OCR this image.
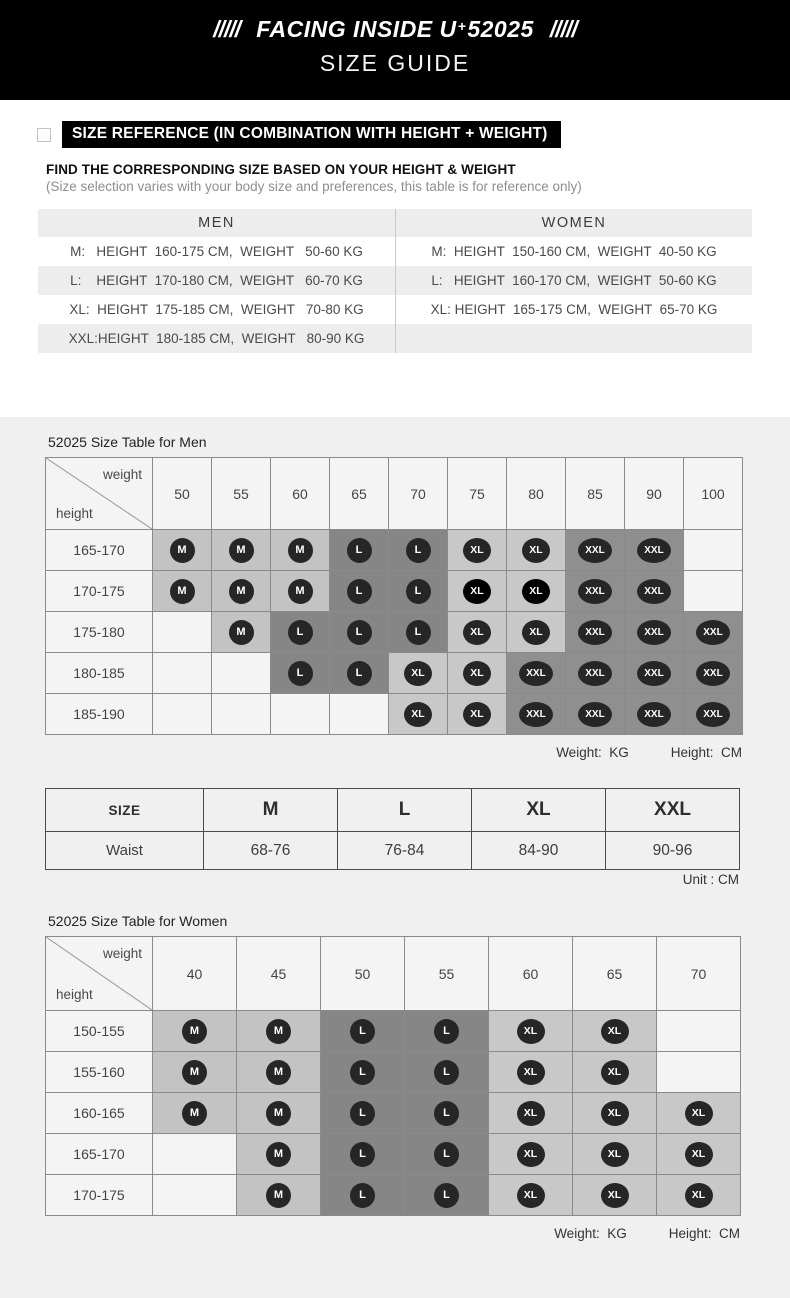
///// FACING INSIDE U+52025 /////
SIZE GUIDE
SIZE REFERENCE (IN COMBINATION WITH HEIGHT + WEIGHT)
FIND THE CORRESPONDING SIZE BASED ON YOUR HEIGHT & WEIGHT
(Size selection varies with your body size and preferences, this table is for reference only)
MEN	WOMEN
M:   HEIGHT  160-175 CM,  WEIGHT   50-60 KG	M:  HEIGHT  150-160 CM,  WEIGHT  40-50 KG
L:    HEIGHT  170-180 CM,  WEIGHT   60-70 KG	L:   HEIGHT  160-170 CM,  WEIGHT  50-60 KG
XL:  HEIGHT  175-185 CM,  WEIGHT   70-80 KG	XL: HEIGHT  165-175 CM,  WEIGHT  65-70 KG
XXL:HEIGHT  180-185 CM,  WEIGHT   80-90 KG
52025 Size Table for Men
weight
height	50	55	60	65	70	75	80	85	90	100
165-170	M	M	M	L	L	XL	XL	XXL	XXL	
170-175	M	M	M	L	L	XL	XL	XXL	XXL	
175-180		M	L	L	L	XL	XL	XXL	XXL	XXL
180-185			L	L	XL	XL	XXL	XXL	XXL	XXL
185-190					XL	XL	XXL	XXL	XXL	XXL
Weight:  KG	Height:  CM
SIZE	M	L	XL	XXL
Waist	68-76	76-84	84-90	90-96
Unit : CM
52025 Size Table for Women
weight
height	40	45	50	55	60	65	70
150-155	M	M	L	L	XL	XL	
155-160	M	M	L	L	XL	XL	
160-165	M	M	L	L	XL	XL	XL
165-170		M	L	L	XL	XL	XL
170-175		M	L	L	XL	XL	XL
Weight:  KG	Height:  CM
